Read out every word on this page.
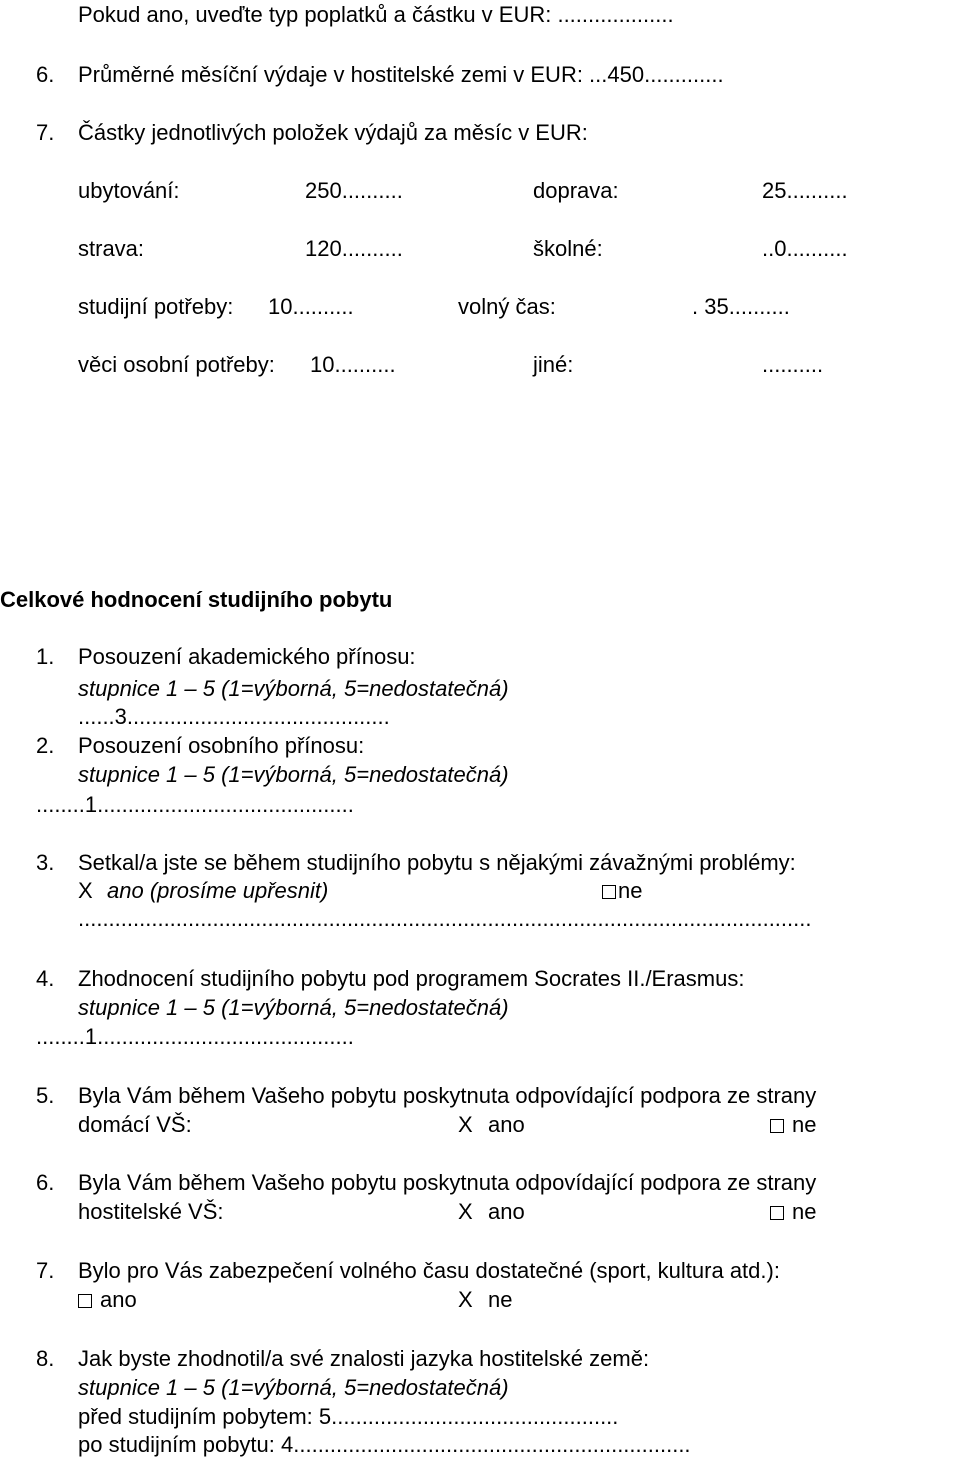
Pokud ano, uveďte typ poplatků a částku v EUR: ...................
6. Průměrné měsíční výdaje v hostitelské zemi v EUR: ...450.............
7. Částky jednotlivých položek výdajů za měsíc v EUR:
ubytování:	250..........	doprava:	25..........
strava:	120..........	školné:	..0..........
studijní potřeby: 10..........	volný čas:	. 35..........
věci osobní potřeby: 10..........	jiné:	..........
Celkové hodnocení studijního pobytu
1. Posouzení akademického přínosu:
stupnice 1 – 5 (1=výborná, 5=nedostatečná)
......3...........................................
2. Posouzení osobního přínosu:
stupnice 1 – 5 (1=výborná, 5=nedostatečná)
........1..........................................
3. Setkal/a jste se během studijního pobytu s nějakými závažnými problémy:
X ano (prosíme upřesnit)	ne
........................................................................................................................
4. Zhodnocení studijního pobytu pod programem Socrates II./Erasmus:
stupnice 1 – 5 (1=výborná, 5=nedostatečná)
........1..........................................
5. Byla Vám během Vašeho pobytu poskytnuta odpovídající podpora ze strany
domácí VŠ:	X ano	ne
6. Byla Vám během Vašeho pobytu poskytnuta odpovídající podpora ze strany
hostitelské VŠ:	X ano	ne
7. Bylo pro Vás zabezpečení volného času dostatečné (sport, kultura atd.):
ano	X ne
8. Jak byste zhodnotil/a své znalosti jazyka hostitelské země:
stupnice 1 – 5 (1=výborná, 5=nedostatečná)
před studijním pobytem: 5...............................................
po studijním pobytu: 4.................................................................
